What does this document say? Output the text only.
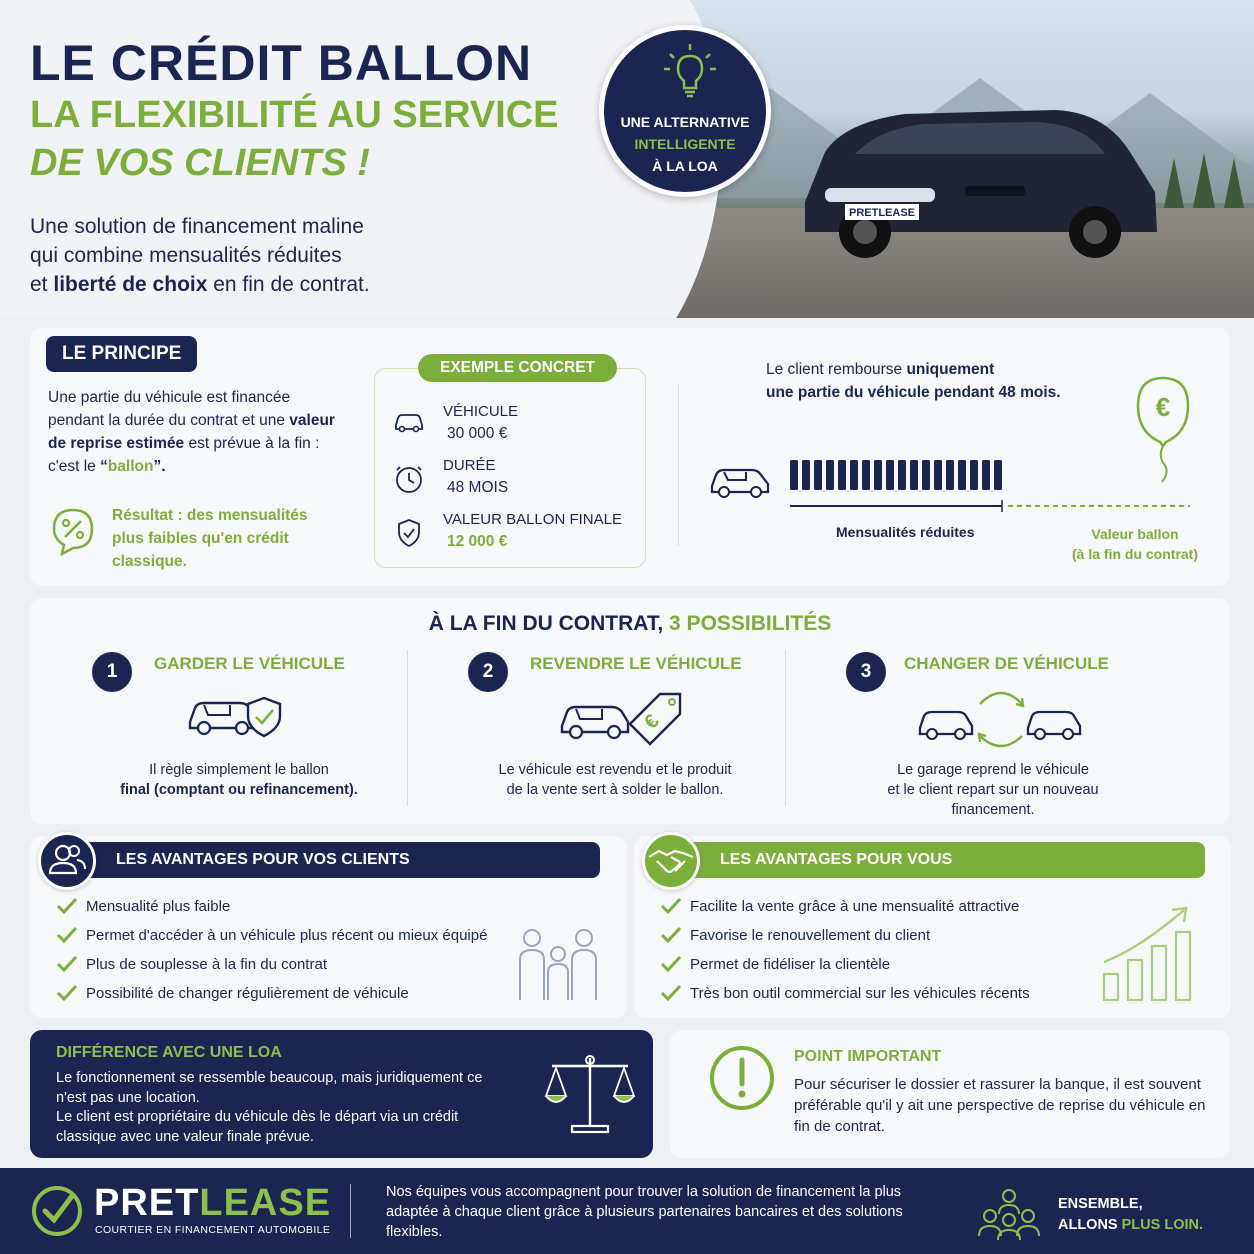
PRETLEASE
LE CRÉDIT BALLON
LA FLEXIBILITÉ AU SERVICE
DE VOS CLIENTS !
Une solution de financement maline
qui combine mensualités réduites
et liberté de choix en fin de contrat.
UNE ALTERNATIVE
INTELLIGENTE
À LA LOA
LE PRINCIPE
Une partie du véhicule est financée pendant la durée du contrat et une valeur de reprise estimée est prévue à la fin : c'est le “ballon”.
Résultat : des mensualités plus faibles qu'en crédit classique.
EXEMPLE CONCRET
VÉHICULE
30 000 €
DURÉE
48 MOIS
VALEUR BALLON FINALE
12 000 €
Le client rembourse uniquement
une partie du véhicule pendant 48 mois.	€
Mensualités réduites	Valeur ballon
(à la fin du contrat)
À LA FIN DU CONTRAT, 3 POSSIBILITÉS
1	GARDER LE VÉHICULE
Il règle simplement le ballon
final (comptant ou refinancement).
2	REVENDRE LE VÉHICULE
€
Le véhicule est revendu et le produit
de la vente sert à solder le ballon.
3	CHANGER DE VÉHICULE
Le garage reprend le véhicule
et le client repart sur un nouveau
financement.
LES AVANTAGES POUR VOS CLIENTS
Mensualité plus faible
Permet d'accéder à un véhicule plus récent ou mieux équipé
Plus de souplesse à la fin du contrat
Possibilité de changer régulièrement de véhicule
LES AVANTAGES POUR VOUS
Facilite la vente grâce à une mensualité attractive
Favorise le renouvellement du client
Permet de fidéliser la clientèle
Très bon outil commercial sur les véhicules récents
DIFFÉRENCE AVEC UNE LOA
Le fonctionnement se ressemble beaucoup, mais juridiquement ce n'est pas une location.
Le client est propriétaire du véhicule dès le départ via un crédit classique avec une valeur finale prévue.
POINT IMPORTANT
Pour sécuriser le dossier et rassurer la banque, il est souvent préférable qu'il y ait une perspective de reprise du véhicule en fin de contrat.
PRETLEASE
COURTIER EN FINANCEMENT AUTOMOBILE
Nos équipes vous accompagnent pour trouver la solution de financement la plus adaptée à chaque client grâce à plusieurs partenaires bancaires et des solutions flexibles.
ENSEMBLE,
ALLONS PLUS LOIN.
